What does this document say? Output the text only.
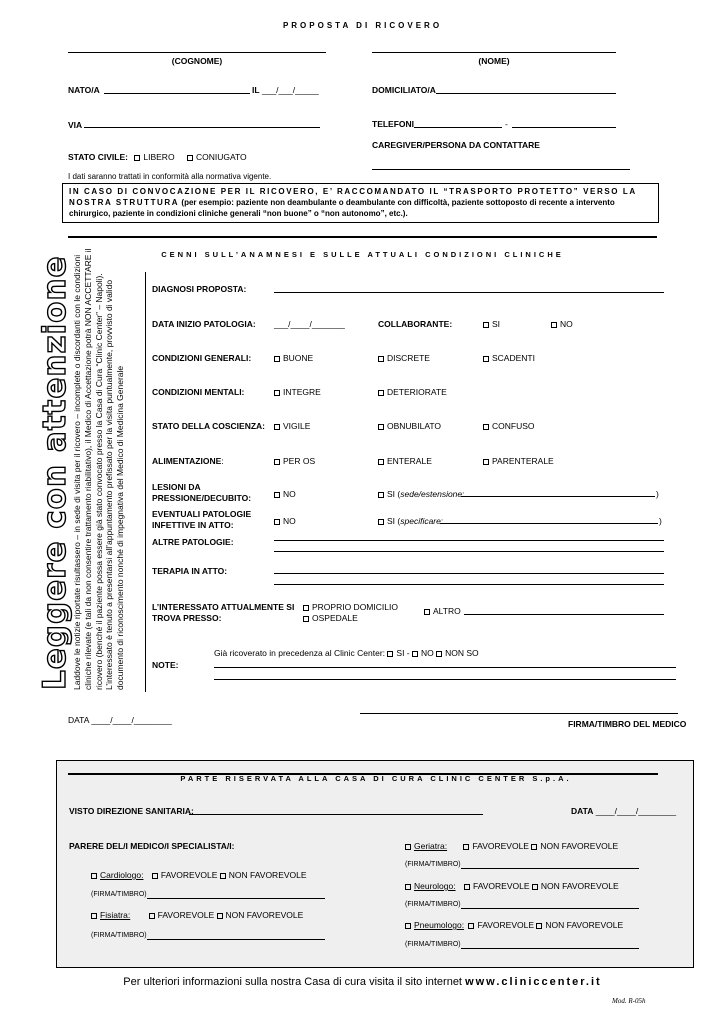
PROPOSTA DI RICOVERO
(COGNOME)	(NOME)
NATO/A	IL ___/___/_____	DOMICILIATO/A
VIA	TELEFONI	-
CAREGIVER/PERSONA DA CONTATTARE
STATO CIVILE: LIBERO	CONIUGATO
I dati saranno trattati in conformità alla normativa vigente.
IN CASO DI CONVOCAZIONE PER IL RICOVERO, E’ RACCOMANDATO IL “TRASPORTO PROTETTO” VERSO LA
NOSTRA STRUTTURA (per esempio: paziente non deambulante o deambulante con difficoltà, paziente sottoposto di recente a intervento
chirurgico, paziente in condizioni cliniche generali “non buone” o “non autonomo”, etc.).
CENNI SULL’ANAMNESI E SULLE ATTUALI CONDIZIONI CLINICHE
Leggere con attenzione Laddove le notizie riportate risultassero – in sede di visita per il ricovero – incomplete o discordanti con le condizioni cliniche rilevate (e tali da non consentire trattamento riabilitativo), il Medico di Accettazione potrà NON ACCETTARE il ricovero (benché il paziente possa essere già stato convocato presso la Casa di Cura “Clinic Center” – Napoli). L’interessato è tenuto a presentarsi all’appuntamento prefissato per la visita puntualmente, provvisto di valido documento di riconoscimento nonché di impegnativa del Medico di Medicina Generale
DIAGNOSI PROPOSTA:
DATA INIZIO PATOLOGIA: ___/____/_______	COLLABORANTE:	SI	NO
CONDIZIONI GENERALI:	BUONE	DISCRETE	SCADENTI
CONDIZIONI MENTALI:	INTEGRE	DETERIORATE
STATO DELLA COSCIENZA:	VIGILE	OBNUBILATO	CONFUSO
ALIMENTAZIONE:	PER OS	ENTERALE	PARENTERALE
LESIONI DA
PRESSIONE/DECUBITO:	NO	SI (sede/estensione:	)
EVENTUALI PATOLOGIE
INFETTIVE IN ATTO:	NO	SI (specificare:	)
ALTRE PATOLOGIE:
TERAPIA IN ATTO:
L’INTERESSATO ATTUALMENTE SI
TROVA PRESSO:
PROPRIO DOMICILIO
OSPEDALE
ALTRO
Già ricoverato in precedenza al Clinic Center: SI - NO NON SO
NOTE:
DATA ____/____/________	FIRMA/TIMBRO DEL MEDICO
PARTE RISERVATA ALLA CASA DI CURA CLINIC CENTER S.p.A.
VISTO DIREZIONE SANITARIA:	DATA ____/____/________
PARERE DEL/I MEDICO/I SPECIALISTA/I:
Cardiologo: FAVOREVOLE NON FAVOREVOLE
(FIRMA/TIMBRO)
Fisiatra:	FAVOREVOLE NON FAVOREVOLE
(FIRMA/TIMBRO)
Geriatra:	FAVOREVOLE NON FAVOREVOLE
(FIRMA/TIMBRO)
Neurologo: FAVOREVOLE NON FAVOREVOLE
(FIRMA/TIMBRO)
Pneumologo: FAVOREVOLE NON FAVOREVOLE
(FIRMA/TIMBRO)
Per ulteriori informazioni sulla nostra Casa di cura visita il sito internet www.cliniccenter.it
Mod. R-05h
